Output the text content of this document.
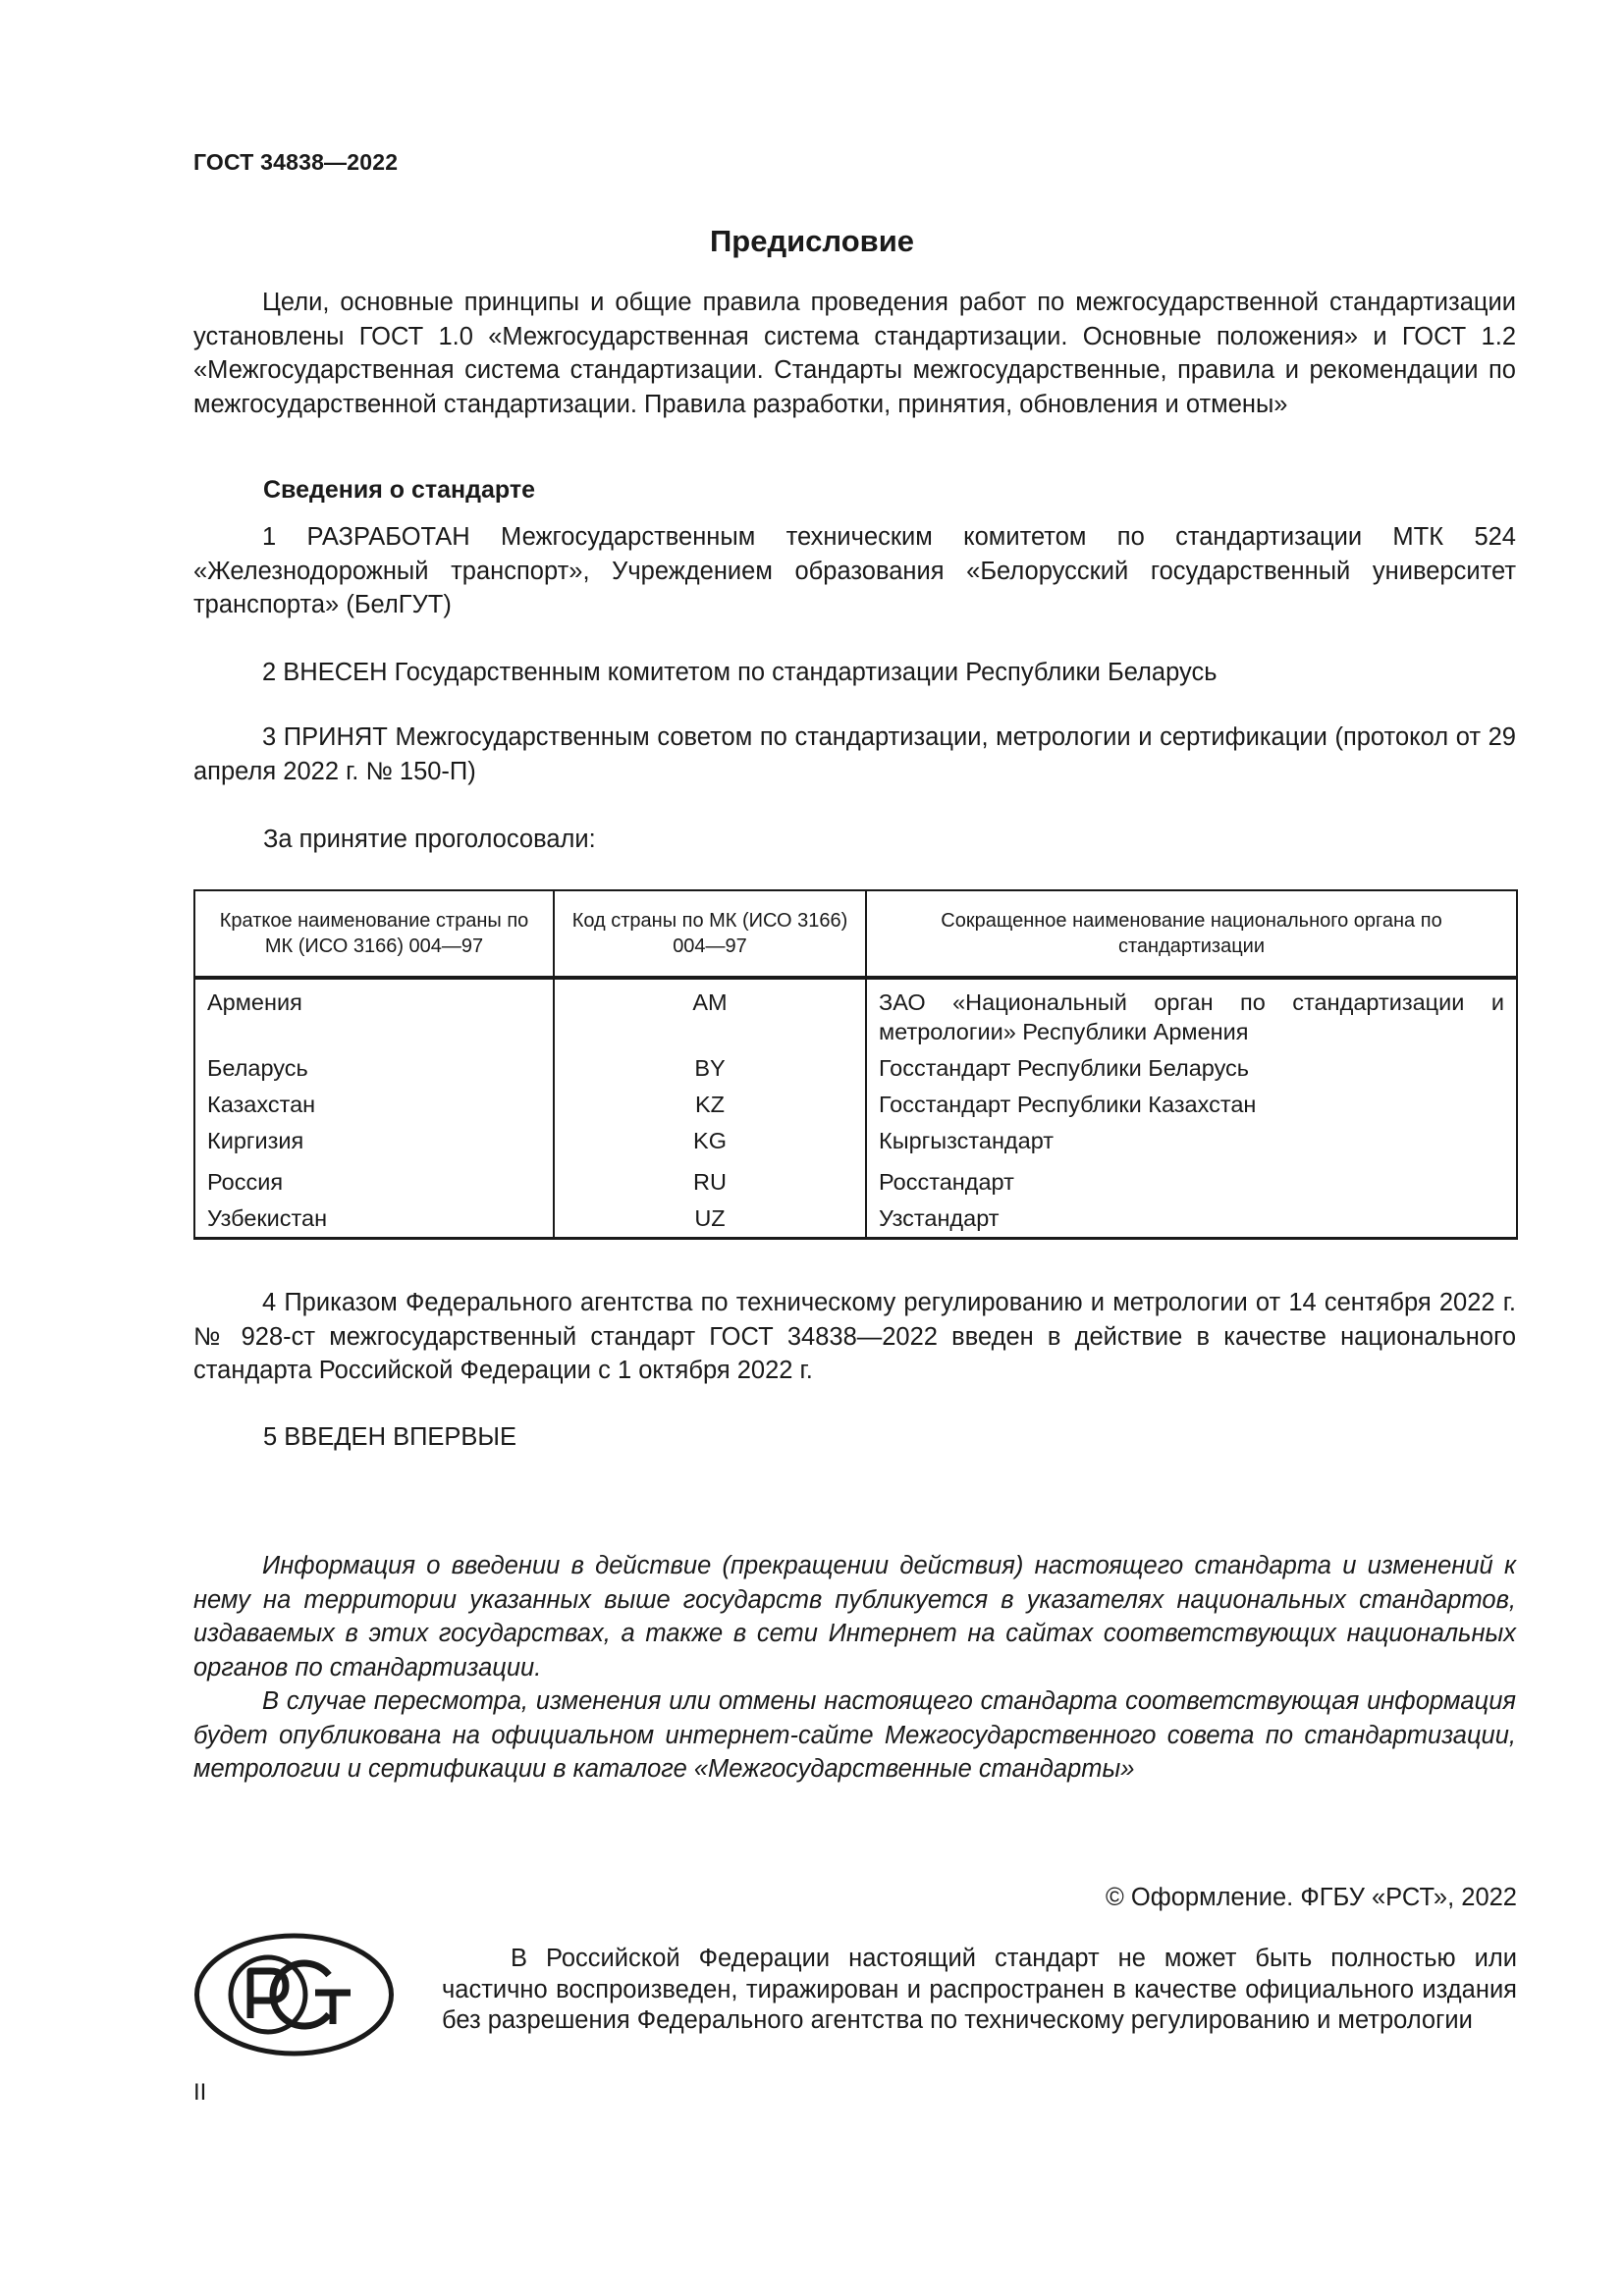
ГОСТ 34838—2022
Предисловие
Цели, основные принципы и общие правила проведения работ по межгосударственной стандартизации установлены ГОСТ 1.0 «Межгосударственная система стандартизации. Основные положения» и ГОСТ 1.2 «Межгосударственная система стандартизации. Стандарты межгосударственные, правила и рекомендации по межгосударственной стандартизации. Правила разработки, принятия, обновления и отмены»
Сведения о стандарте
1 РАЗРАБОТАН Межгосударственным техническим комитетом по стандартизации МТК 524 «Железнодорожный транспорт», Учреждением образования «Белорусский государственный университет транспорта» (БелГУТ)
2 ВНЕСЕН Государственным комитетом по стандартизации Республики Беларусь
3 ПРИНЯТ Межгосударственным советом по стандартизации, метрологии и сертификации (протокол от 29 апреля 2022 г. № 150-П)
За принятие проголосовали:
Краткое наименование страны по МК (ИСО 3166) 004—97	Код страны по МК (ИСО 3166) 004—97	Сокращенное наименование национального органа по стандартизации
Армения	AM	ЗАО «Национальный орган по стандартизации и метрологии» Республики Армения
Беларусь	BY	Госстандарт Республики Беларусь
Казахстан	KZ	Госстандарт Республики Казахстан
Киргизия	KG	Кыргызстандарт
Россия	RU	Росстандарт
Узбекистан	UZ	Узстандарт
4 Приказом Федерального агентства по техническому регулированию и метрологии от 14 сентября 2022 г. № 928-ст межгосударственный стандарт ГОСТ 34838—2022 введен в действие в качестве национального стандарта Российской Федерации с 1 октября 2022 г.
5 ВВЕДЕН ВПЕРВЫЕ
Информация о введении в действие (прекращении действия) настоящего стандарта и изменений к нему на территории указанных выше государств публикуется в указателях национальных стандартов, издаваемых в этих государствах, а также в сети Интернет на сайтах соответствующих национальных органов по стандартизации.
В случае пересмотра, изменения или отмены настоящего стандарта соответствующая информация будет опубликована на официальном интернет-сайте Межгосударственного совета по стандартизации, метрологии и сертификации в каталоге «Межгосударственные стандарты»
© Оформление. ФГБУ «РСТ», 2022
В Российской Федерации настоящий стандарт не может быть полностью или частично воспроизведен, тиражирован и распространен в качестве официального издания без разрешения Федерального агентства по техническому регулированию и метрологии
II
